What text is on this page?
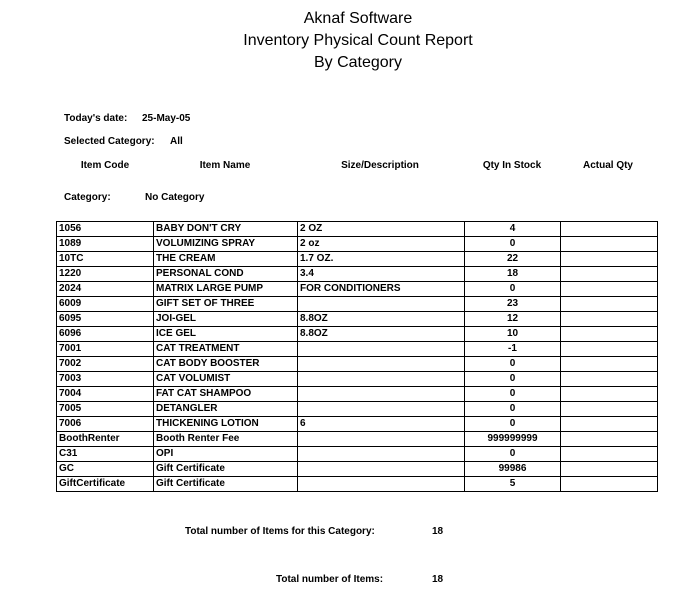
Aknaf Software
Inventory Physical Count Report
By Category
Today's date: 25-May-05
Selected Category: All
Item Code	Item Name	Size/Description	Qty In Stock	Actual Qty
Category:	No Category
1056	BABY DON'T CRY	2 OZ	4	
1089	VOLUMIZING SPRAY	2 oz	0	
10TC	THE CREAM	1.7 OZ.	22	
1220	PERSONAL COND	3.4	18	
2024	MATRIX LARGE PUMP	FOR CONDITIONERS	0	
6009	GIFT SET OF THREE		23	
6095	JOI-GEL	8.8OZ	12	
6096	ICE GEL	8.8OZ	10	
7001	CAT TREATMENT		-1	
7002	CAT BODY BOOSTER		0	
7003	CAT VOLUMIST		0	
7004	FAT CAT SHAMPOO		0	
7005	DETANGLER		0	
7006	THICKENING LOTION	6	0	
BoothRenter	Booth Renter Fee		999999999	
C31	OPI		0	
GC	Gift Certificate		99986	
GiftCertificate	Gift Certificate		5	
Total number of Items for this Category:	18
Total number of Items:	18
